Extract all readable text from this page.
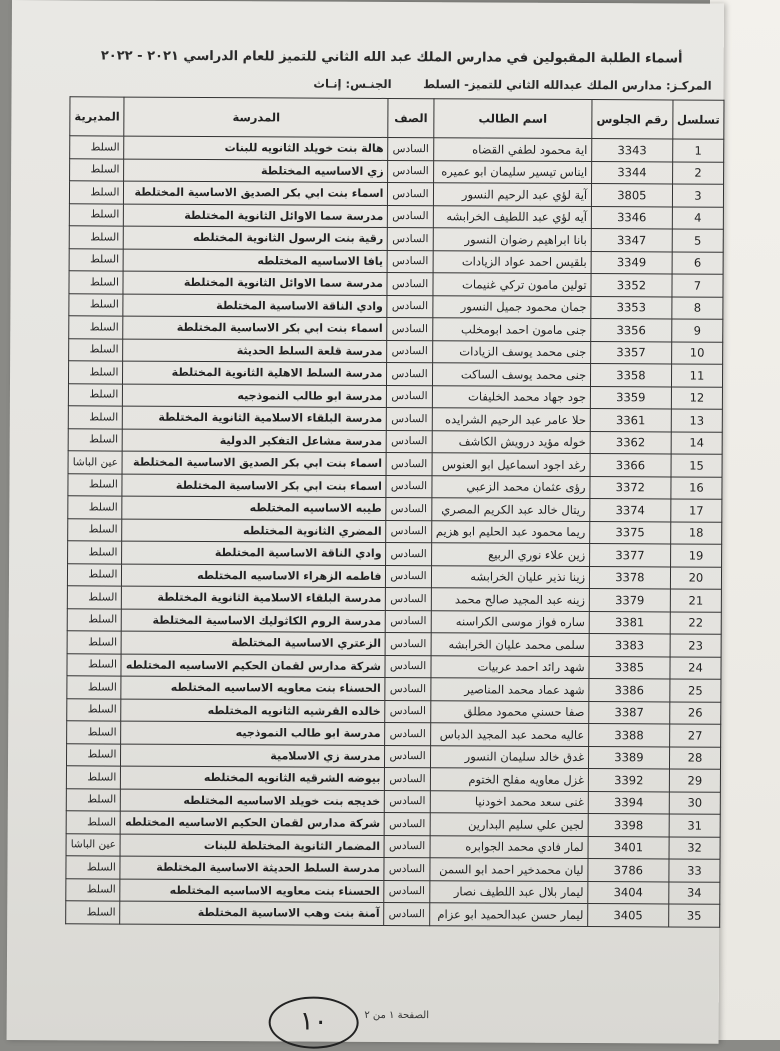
أسماء الطلبة المقبولين في مدارس الملك عبد الله الثاني للتميز للعام الدراسي ٢٠٢١ - ٢٠٢٢
المركـز: مدارس الملك عبدالله الثاني للتميز- السلط
الجنـس: إنـاث
تسلسل	رقم الجلوس	اسم الطالب	الصف	المدرسة	المديرية
1	3343	اية محمود لطفي القضاه	السادس	هالة بنت خويلد الثانويه للبنات	السلط
2	3344	ايناس تيسير سليمان ابو عميره	السادس	زي الاساسيه المختلطة	السلط
3	3805	آية لؤي عبد الرحيم النسور	السادس	اسماء بنت ابي بكر الصديق الاساسية المختلطة	السلط
4	3346	آيه لؤي عبد اللطيف الخرابشه	السادس	مدرسة سما الاوائل الثانوية المختلطة	السلط
5	3347	بانا ابراهيم رضوان النسور	السادس	رقية بنت الرسول الثانوية المختلطه	السلط
6	3349	بلقيس احمد عواد الزيادات	السادس	يافا الاساسيه المختلطه	السلط
7	3352	تولين مامون تركي غنيمات	السادس	مدرسة سما الاوائل الثانوية المختلطة	السلط
8	3353	جمان محمود جميل النسور	السادس	وادي الناقة الاساسية المختلطة	السلط
9	3356	جنى مامون احمد ابومخلب	السادس	اسماء بنت ابي بكر الاساسية المختلطة	السلط
10	3357	جنى محمد يوسف الزيادات	السادس	مدرسة قلعة السلط الحديثة	السلط
11	3358	جنى محمد يوسف الساكت	السادس	مدرسة السلط الاهلية الثانوية المختلطة	السلط
12	3359	جود جهاد محمد الخليفات	السادس	مدرسة ابو طالب النموذجيه	السلط
13	3361	حلا عامر عبد الرحيم الشرايده	السادس	مدرسة البلقاء الاسلامية الثانوية المختلطة	السلط
14	3362	خوله مؤيد درويش الكاشف	السادس	مدرسة مشاعل التفكير الدولية	السلط
15	3366	رغد اجود اسماعيل ابو العنوس	السادس	اسماء بنت ابي بكر الصديق الاساسية المختلطة	عين الباشا
16	3372	رؤى عثمان محمد الزعبي	السادس	اسماء بنت ابي بكر الاساسية المختلطة	السلط
17	3374	ريتال خالد عبد الكريم المصري	السادس	طيبه الاساسيه المختلطه	السلط
18	3375	ريما محمود عبد الحليم ابو هزيم	السادس	المضري الثانوية المختلطه	السلط
19	3377	زين علاء نوري الربيع	السادس	وادي الناقة الاساسية المختلطة	السلط
20	3378	زينا نذير عليان الخرابشه	السادس	فاطمه الزهراء الاساسيه المختلطه	السلط
21	3379	زينه عبد المجيد صالح محمد	السادس	مدرسة البلقاء الاسلامية الثانوية المختلطة	السلط
22	3381	ساره فواز موسى الكراسنه	السادس	مدرسة الروم الكاثوليك الاساسية المختلطة	السلط
23	3383	سلمى محمد عليان الخرابشه	السادس	الزعتري الاساسية المختلطة	السلط
24	3385	شهد رائد احمد عربيات	السادس	شركة مدارس لقمان الحكيم الاساسيه المختلطه	السلط
25	3386	شهد عماد محمد المناصير	السادس	الحسناء بنت معاويه الاساسيه المختلطه	السلط
26	3387	صفا حسني محمود مطلق	السادس	خالده القرشيه الثانويه المختلطه	السلط
27	3388	عاليه محمد عبد المجيد الدباس	السادس	مدرسة ابو طالب النموذجيه	السلط
28	3389	غدق خالد سليمان النسور	السادس	مدرسة زي الاسلامية	السلط
29	3392	غزل معاويه مفلح الختوم	السادس	بيوضه الشرقيه الثانويه المختلطه	السلط
30	3394	غنى سعد محمد اخودنيا	السادس	خديجه بنت خويلد الاساسيه المختلطه	السلط
31	3398	لجين علي سليم البدارين	السادس	شركة مدارس لقمان الحكيم الاساسيه المختلطه	السلط
32	3401	لمار فادي محمد الجوابره	السادس	المضمار الثانوية المختلطة للبنات	عين الباشا
33	3786	ليان محمدخير احمد ابو السمن	السادس	مدرسة السلط الحديثة الاساسية المختلطة	السلط
34	3404	ليمار بلال عبد اللطيف نصار	السادس	الحسناء بنت معاويه الاساسيه المختلطه	السلط
35	3405	ليمار حسن عبدالحميد ابو عزام	السادس	آمنة بنت وهب الاساسية المختلطة	السلط
١٠	الصفحة ١ من ٢
